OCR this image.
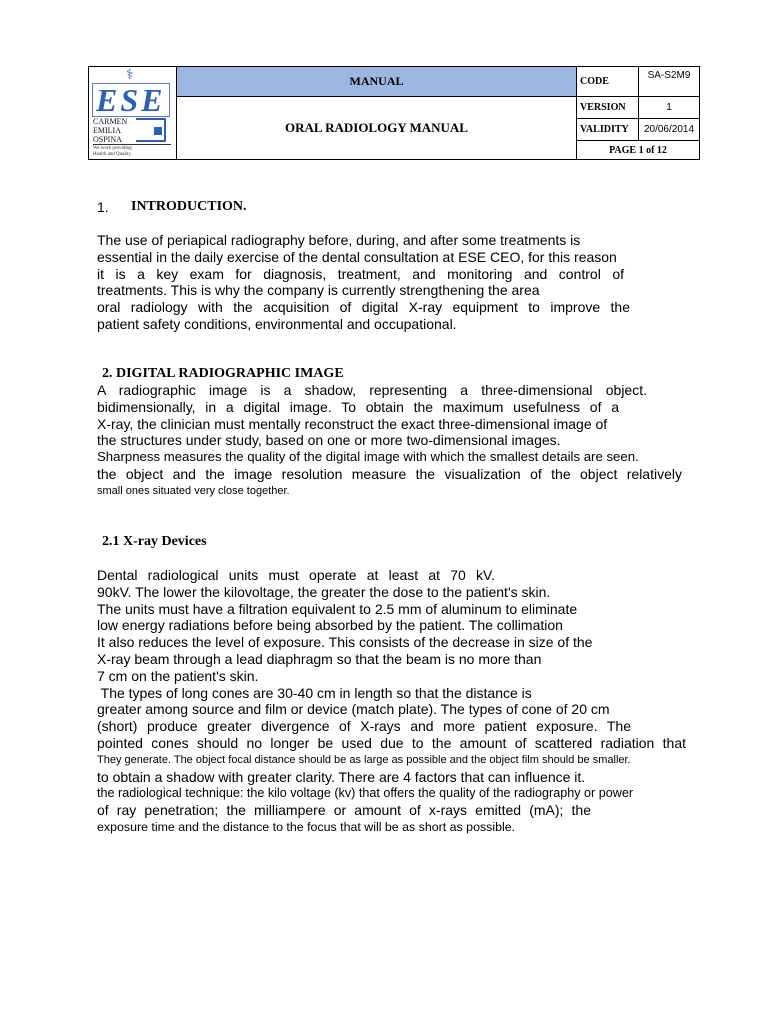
⚕
ESE
CARMEN
EMILIA
OSPINA
We work providing
Health and Quality
MANUAL
ORAL RADIOLOGY MANUAL
CODE
SA-S2M9
VERSION	1
VALIDITY	20/06/2014
PAGE 1 of 12
1. INTRODUCTION.
The use of periapical radiography before, during, and after some treatments is
essential in the daily exercise of the dental consultation at ESE CEO, for this reason
it is a key exam for diagnosis, treatment, and monitoring and control of
treatments. This is why the company is currently strengthening the area
oral radiology with the acquisition of digital X-ray equipment to improve the
patient safety conditions, environmental and occupational.
2. DIGITAL RADIOGRAPHIC IMAGE
A radiographic image is a shadow, representing a three-dimensional object.
bidimensionally, in a digital image. To obtain the maximum usefulness of a
X-ray, the clinician must mentally reconstruct the exact three-dimensional image of
the structures under study, based on one or more two-dimensional images.
Sharpness measures the quality of the digital image with which the smallest details are seen.
the object and the image resolution measure the visualization of the object relatively
small ones situated very close together.
2.1 X-ray Devices
Dental radiological units must operate at least at 70 kV.
90kV. The lower the kilovoltage, the greater the dose to the patient's skin.
The units must have a filtration equivalent to 2.5 mm of aluminum to eliminate
low energy radiations before being absorbed by the patient. The collimation
It also reduces the level of exposure. This consists of the decrease in size of the
X-ray beam through a lead diaphragm so that the beam is no more than
7 cm on the patient's skin.
The types of long cones are 30-40 cm in length so that the distance is
greater among source and film or device (match plate). The types of cone of 20 cm
(short) produce greater divergence of X-rays and more patient exposure. The
pointed cones should no longer be used due to the amount of scattered radiation that
They generate. The object focal distance should be as large as possible and the object film should be smaller.
to obtain a shadow with greater clarity. There are 4 factors that can influence it.
the radiological technique: the kilo voltage (kv) that offers the quality of the radiography or power
of ray penetration; the milliampere or amount of x-rays emitted (mA); the
exposure time and the distance to the focus that will be as short as possible.
